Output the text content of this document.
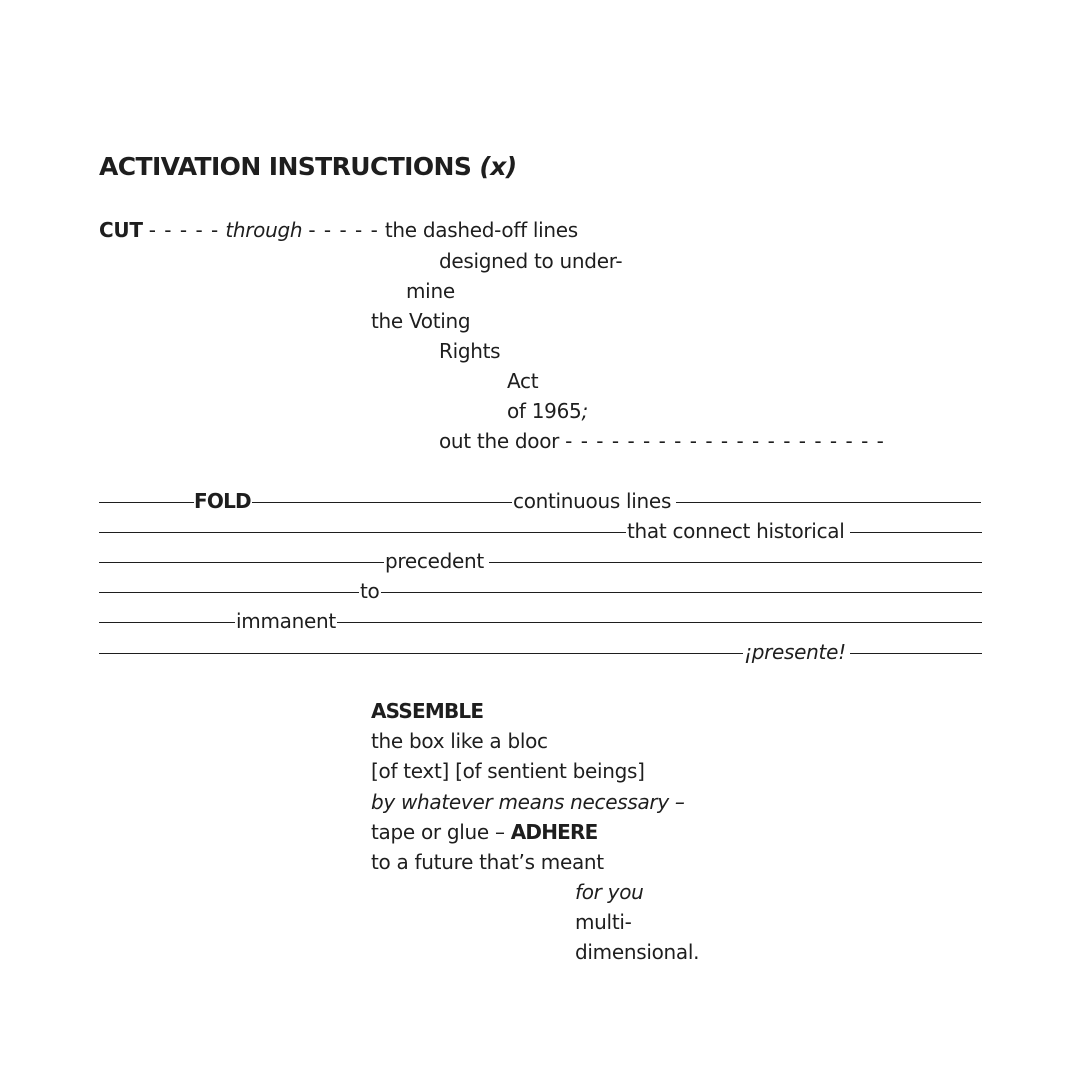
ACTIVATION INSTRUCTIONS (x)
CUT - - - - - through - - - - - the dashed-off lines
designed to under-
mine
the Voting
Rights
Act
of 1965;
out the door - - - - - - - - - - - - - - - - - - - - -
FOLD	continuous lines
that connect historical
precedent
to
immanent
¡presente!
ASSEMBLE
the box like a bloc
[of text] [of sentient beings]
by whatever means necessary –
tape or glue – ADHERE
to a future that’s meant
for you
multi-
dimensional.
